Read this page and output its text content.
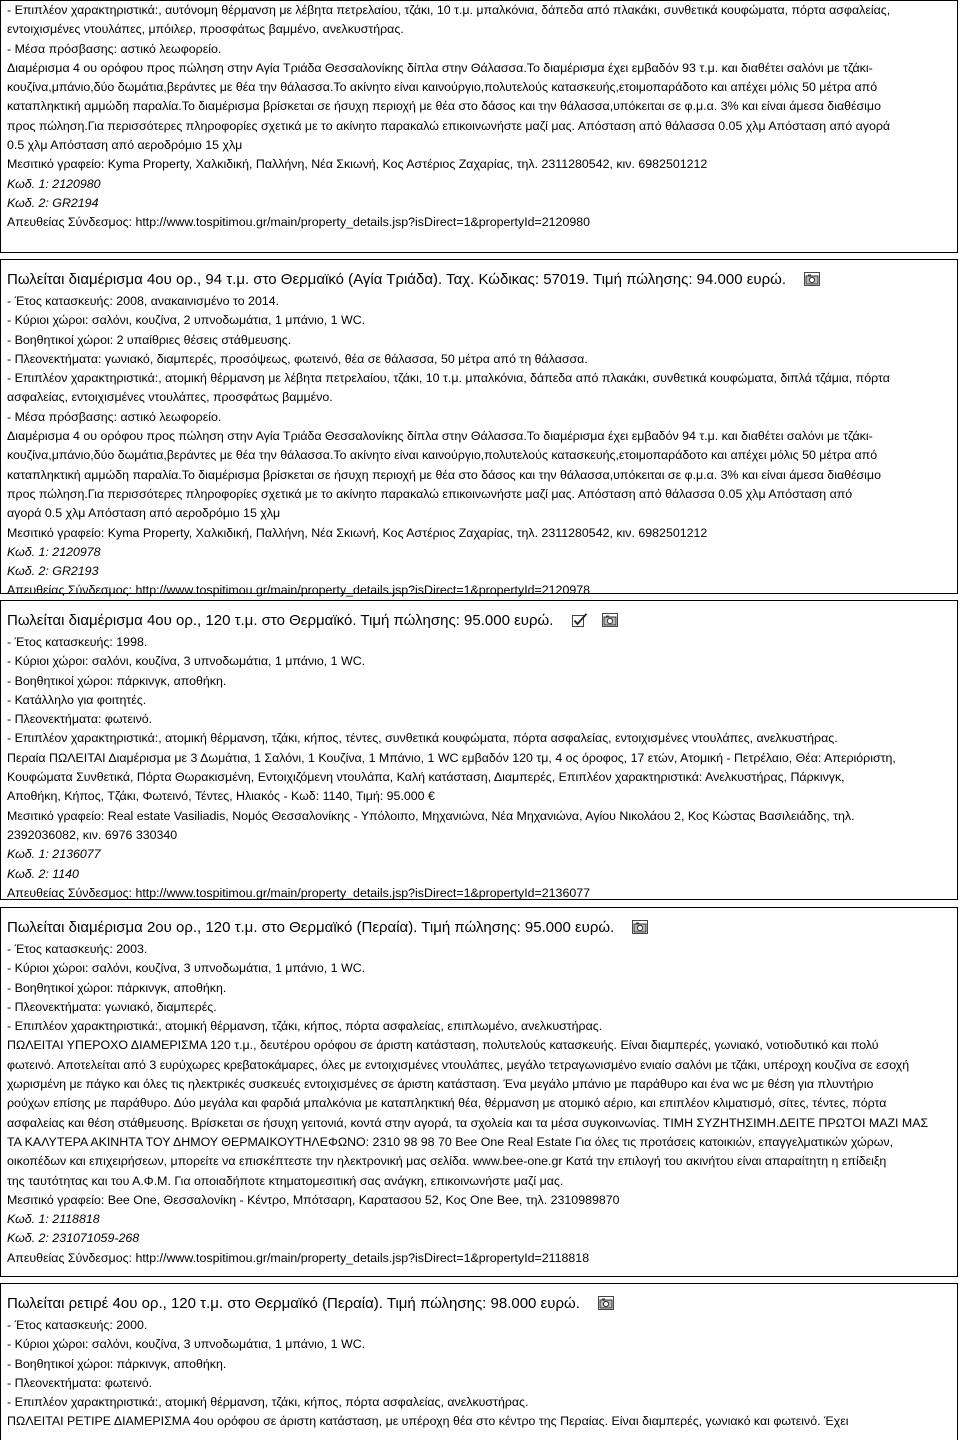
- Επιπλέον χαρακτηριστικά:, αυτόνομη θέρμανση με λέβητα πετρελαίου, τζάκι, 10 τ.μ. μπαλκόνια, δάπεδα από πλακάκι, συνθετικά κουφώματα, πόρτα ασφαλείας,
εντοιχισμένες ντουλάπες, μπόιλερ, προσφάτως βαμμένο, ανελκυστήρας.
- Μέσα πρόσβασης: αστικό λεωφορείο.
Διαμέρισμα 4 ου ορόφου προς πώληση στην Αγία Τριάδα Θεσσαλονίκης δίπλα στην Θάλασσα.Το διαμέρισμα έχει εμβαδόν 93 τ.μ. και διαθέτει σαλόνι με τζάκι-
κουζίνα,μπάνιο,δύο δωμάτια,βεράντες με θέα την θάλασσα.Το ακίνητο είναι καινούργιο,πολυτελούς κατασκευής,ετοιμοπαράδοτο και απέχει μόλις 50 μέτρα από
καταπληκτική αμμώδη παραλία.Το διαμέρισμα βρίσκεται σε ήσυχη περιοχή με θέα στο δάσος και την θάλασσα,υπόκειται σε φ.μ.α. 3% και είναι άμεσα διαθέσιμο
προς πώληση.Για περισσότερες πληροφορίες σχετικά με το ακίνητο παρακαλώ επικοινωνήστε μαζί μας. Απόσταση από θάλασσα 0.05 χλμ Απόσταση από αγορά
0.5 χλμ Απόσταση από αεροδρόμιο 15 χλμ
Μεσιτικό γραφείο: Kyma Property, Χαλκιδική, Παλλήνη, Νέα Σκιωνή, Κος Αστέριος Ζαχαρίας, τηλ. 2311280542, κιν. 6982501212
Κωδ. 1: 2120980
Κωδ. 2: GR2194
Απευθείας Σύνδεσμος: http://www.tospitimou.gr/main/property_details.jsp?isDirect=1&propertyId=2120980
Πωλείται διαμέρισμα 4ου ορ., 94 τ.μ. στο Θερμαϊκό (Αγία Τριάδα). Ταχ. Κώδικας: 57019. Τιμή πώλησης: 94.000 ευρώ.
- Έτος κατασκευής: 2008, ανακαινισμένο το 2014.
- Κύριοι χώροι: σαλόνι, κουζίνα, 2 υπνοδωμάτια, 1 μπάνιο, 1 WC.
- Βοηθητικοί χώροι: 2 υπαίθριες θέσεις στάθμευσης.
- Πλεονεκτήματα: γωνιακό, διαμπερές, προσόψεως, φωτεινό, θέα σε θάλασσα, 50 μέτρα από τη θάλασσα.
- Επιπλέον χαρακτηριστικά:, ατομική θέρμανση με λέβητα πετρελαίου, τζάκι, 10 τ.μ. μπαλκόνια, δάπεδα από πλακάκι, συνθετικά κουφώματα, διπλά τζάμια, πόρτα
ασφαλείας, εντοιχισμένες ντουλάπες, προσφάτως βαμμένο.
- Μέσα πρόσβασης: αστικό λεωφορείο.
Διαμέρισμα 4 ου ορόφου προς πώληση στην Αγία Τριάδα Θεσσαλονίκης δίπλα στην Θάλασσα.Το διαμέρισμα έχει εμβαδόν 94 τ.μ. και διαθέτει σαλόνι με τζάκι-
κουζίνα,μπάνιο,δύο δωμάτια,βεράντες με θέα την θάλασσα.Το ακίνητο είναι καινούργιο,πολυτελούς κατασκευής,ετοιμοπαράδοτο και απέχει μόλις 50 μέτρα από
καταπληκτική αμμώδη παραλία.Το διαμέρισμα βρίσκεται σε ήσυχη περιοχή με θέα στο δάσος και την θάλασσα,υπόκειται σε φ.μ.α. 3% και είναι άμεσα διαθέσιμο
προς πώληση.Για περισσότερες πληροφορίες σχετικά με το ακίνητο παρακαλώ επικοινωνήστε μαζί μας. Απόσταση από θάλασσα 0.05 χλμ Απόσταση από
αγορά 0.5 χλμ Απόσταση από αεροδρόμιο 15 χλμ
Μεσιτικό γραφείο: Kyma Property, Χαλκιδική, Παλλήνη, Νέα Σκιωνή, Κος Αστέριος Ζαχαρίας, τηλ. 2311280542, κιν. 6982501212
Κωδ. 1: 2120978
Κωδ. 2: GR2193
Απευθείας Σύνδεσμος: http://www.tospitimou.gr/main/property_details.jsp?isDirect=1&propertyId=2120978
Πωλείται διαμέρισμα 4ου ορ., 120 τ.μ. στο Θερμαϊκό. Τιμή πώλησης: 95.000 ευρώ.

- Έτος κατασκευής: 1998.
- Κύριοι χώροι: σαλόνι, κουζίνα, 3 υπνοδωμάτια, 1 μπάνιο, 1 WC.
- Βοηθητικοί χώροι: πάρκινγκ, αποθήκη.
- Κατάλληλο για φοιτητές.
- Πλεονεκτήματα: φωτεινό.
- Επιπλέον χαρακτηριστικά:, ατομική θέρμανση, τζάκι, κήπος, τέντες, συνθετικά κουφώματα, πόρτα ασφαλείας, εντοιχισμένες ντουλάπες, ανελκυστήρας.
Περαία ΠΩΛΕΙΤΑΙ Διαμέρισμα με 3 Δωμάτια, 1 Σαλόνι, 1 Κουζίνα, 1 Μπάνιο, 1 WC εμβαδόν 120 τμ, 4 ος όροφος, 17 ετών, Ατομική - Πετρέλαιο, Θέα: Απεριόριστη,
Κουφώματα Συνθετικά, Πόρτα Θωρακισμένη, Εντοιχιζόμενη ντουλάπα, Καλή κατάσταση, Διαμπερές, Επιπλέον χαρακτηριστικά: Ανελκυστήρας, Πάρκινγκ,
Αποθήκη, Κήπος, Τζάκι, Φωτεινό, Τέντες, Ηλιακός - Κωδ: 1140, Τιμή: 95.000 €
Μεσιτικό γραφείο: Real estate Vasiliadis, Νομός Θεσσαλονίκης - Υπόλοιπο, Μηχανιώνα, Νέα Μηχανιώνα, Αγίου Νικολάου 2, Κος Κώστας Βασιλειάδης, τηλ.
2392036082, κιν. 6976 330340
Κωδ. 1: 2136077
Κωδ. 2: 1140
Απευθείας Σύνδεσμος: http://www.tospitimou.gr/main/property_details.jsp?isDirect=1&propertyId=2136077
Πωλείται διαμέρισμα 2ου ορ., 120 τ.μ. στο Θερμαϊκό (Περαία). Τιμή πώλησης: 95.000 ευρώ.
- Έτος κατασκευής: 2003.
- Κύριοι χώροι: σαλόνι, κουζίνα, 3 υπνοδωμάτια, 1 μπάνιο, 1 WC.
- Βοηθητικοί χώροι: πάρκινγκ, αποθήκη.
- Πλεονεκτήματα: γωνιακό, διαμπερές.
- Επιπλέον χαρακτηριστικά:, ατομική θέρμανση, τζάκι, κήπος, πόρτα ασφαλείας, επιπλωμένο, ανελκυστήρας.
ΠΩΛΕΙΤΑΙ ΥΠΕΡΟΧΟ ΔΙΑΜΕΡΙΣΜΑ 120 τ.μ., δευτέρου ορόφου σε άριστη κατάσταση, πολυτελούς κατασκευής. Είναι διαμπερές, γωνιακό, νοτιοδυτικό και πολύ
φωτεινό. Αποτελείται από 3 ευρύχωρες κρεβατοκάμαρες, όλες με εντοιχισμένες ντουλάπες, μεγάλο τετραγωνισμένο ενιαίο σαλόνι με τζάκι, υπέροχη κουζίνα σε εσοχή
χωρισμένη με πάγκο και όλες τις ηλεκτρικές συσκευές εντοιχισμένες σε άριστη κατάσταση. Ένα μεγάλο μπάνιο με παράθυρο και ένα wc με θέση για πλυντήριο
ρούχων επίσης με παράθυρο. Δύο μεγάλα και φαρδιά μπαλκόνια με καταπληκτική θέα, θέρμανση με ατομικό αέριο, και επιπλέον κλιματισμό, σίτες, τέντες, πόρτα
ασφαλείας και θέση στάθμευσης. Βρίσκεται σε ήσυχη γειτονιά, κοντά στην αγορά, τα σχολεία και τα μέσα συγκοινωνίας. ΤΙΜΗ ΣΥΖΗΤΗΣΙΜΗ.ΔΕΙΤΕ ΠΡΩΤΟΙ ΜΑΖΙ ΜΑΣ
ΤΑ ΚΑΛΥΤΕΡΑ ΑΚΙΝΗΤΑ ΤΟΥ ΔΗΜΟΥ ΘΕΡΜΑΙΚΟΥΤΗΛΕΦΩΝΟ: 2310 98 98 70 Bee One Real Estate Για όλες τις προτάσεις κατοικιών, επαγγελματικών χώρων,
οικοπέδων και επιχειρήσεων, μπορείτε να επισκέπτεστε την ηλεκτρονική μας σελίδα. www.bee-one.gr Κατά την επιλογή του ακινήτου είναι απαραίτητη η επίδειξη
της ταυτότητας και του Α.Φ.Μ. Για οποιαδήποτε κτηματομεσιτική σας ανάγκη, επικοινωνήστε μαζί μας.
Μεσιτικό γραφείο: Bee One, Θεσσαλονίκη - Κέντρο, Μπότσαρη, Καρατασου 52, Κος One Bee, τηλ. 2310989870
Κωδ. 1: 2118818
Κωδ. 2: 231071059-268
Απευθείας Σύνδεσμος: http://www.tospitimou.gr/main/property_details.jsp?isDirect=1&propertyId=2118818
Πωλείται ρετιρέ 4ου ορ., 120 τ.μ. στο Θερμαϊκό (Περαία). Τιμή πώλησης: 98.000 ευρώ.
- Έτος κατασκευής: 2000.
- Κύριοι χώροι: σαλόνι, κουζίνα, 3 υπνοδωμάτια, 1 μπάνιο, 1 WC.
- Βοηθητικοί χώροι: πάρκινγκ, αποθήκη.
- Πλεονεκτήματα: φωτεινό.
- Επιπλέον χαρακτηριστικά:, ατομική θέρμανση, τζάκι, κήπος, πόρτα ασφαλείας, ανελκυστήρας.
ΠΩΛΕΙΤΑΙ ΡΕΤΙΡΕ ΔΙΑΜΕΡΙΣΜΑ 4ου ορόφου σε άριστη κατάσταση, με υπέροχη θέα στο κέντρο της Περαίας. Είναι διαμπερές, γωνιακό και φωτεινό. Έχει
